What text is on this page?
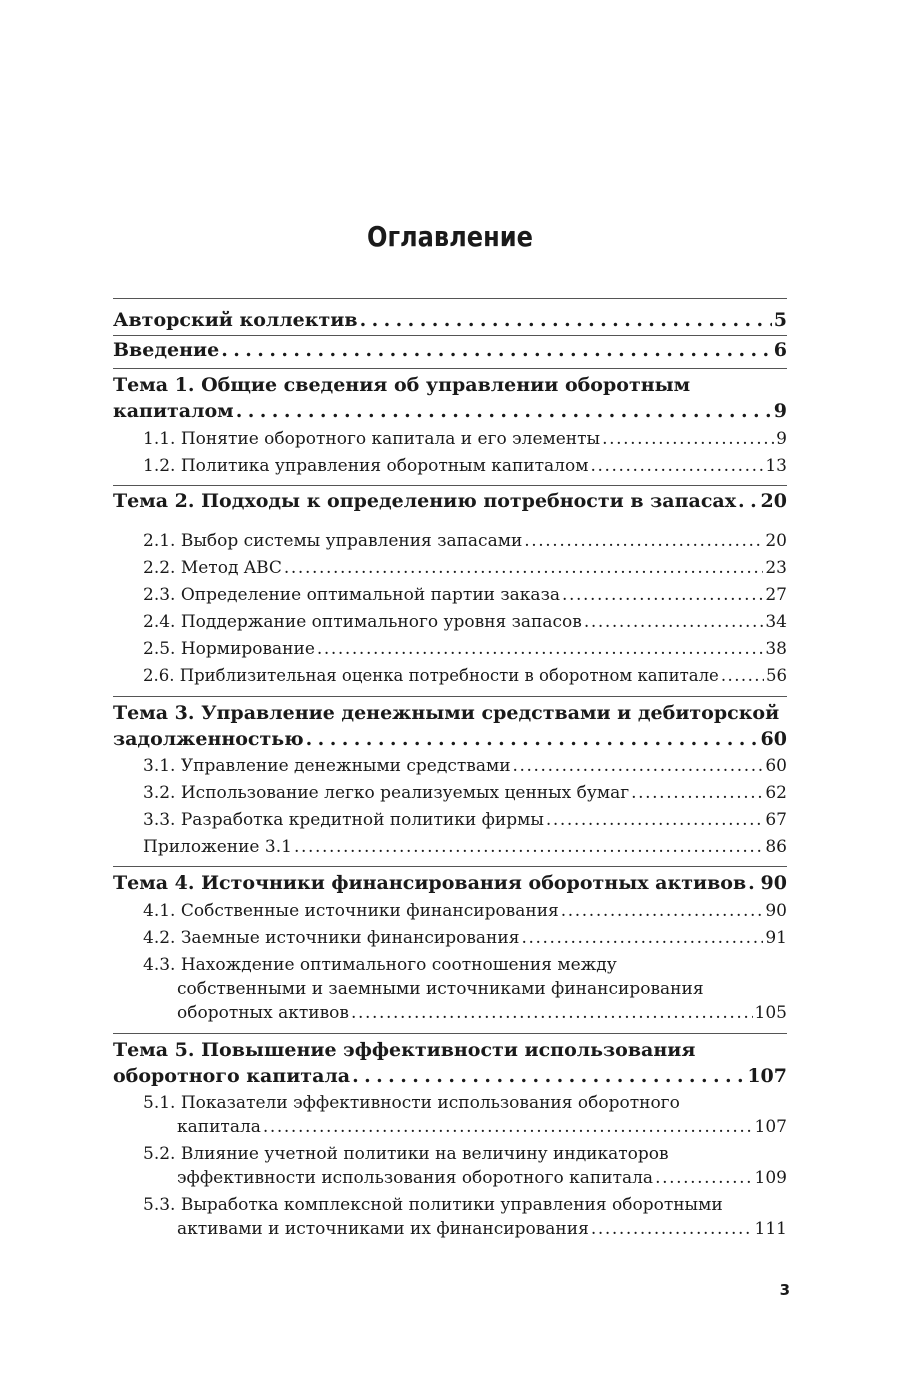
Оглавление
Авторский коллектив . . .	5
Введение . . .	6
Тема 1. Общие сведения об управлении оборотным
капиталом . . .	9
1.1. Понятие оборотного капитала и его элементы . . .	9
1.2. Политика управления оборотным капиталом . . .	13
Тема 2. Подходы к определению потребности в запасах . . . 20
2.1. Выбор системы управления запасами . . .	20
2.2. Метод ABC . . .	23
2.3. Определение оптимальной партии заказа . . .	27
2.4. Поддержание оптимального уровня запасов . . .	34
2.5. Нормирование . . .	38
2.6. Приблизительная оценка потребности в оборотном капитале . . .	56
Тема 3. Управление денежными средствами и дебиторской
задолженностью . . .	60
3.1. Управление денежными средствами . . .	60
3.2. Использование легко реализуемых ценных бумаг . . .	62
3.3. Разработка кредитной политики фирмы . . .	67
Приложение 3.1 . . .	86
Тема 4. Источники финансирования оборотных активов . . . 90
4.1. Собственные источники финансирования . . .	90
4.2. Заемные источники финансирования . . .	91
4.3. Нахождение оптимального соотношения между
собственными и заемными источниками финансирования
оборотных активов . . .	105
Тема 5. Повышение эффективности использования
оборотного капитала . . .	107
5.1. Показатели эффективности использования оборотного
капитала . . .	107
5.2. Влияние учетной политики на величину индикаторов
эффективности использования оборотного капитала . . .	109
5.3. Выработка комплексной политики управления оборотными
активами и источниками их финансирования . . .	111
3
